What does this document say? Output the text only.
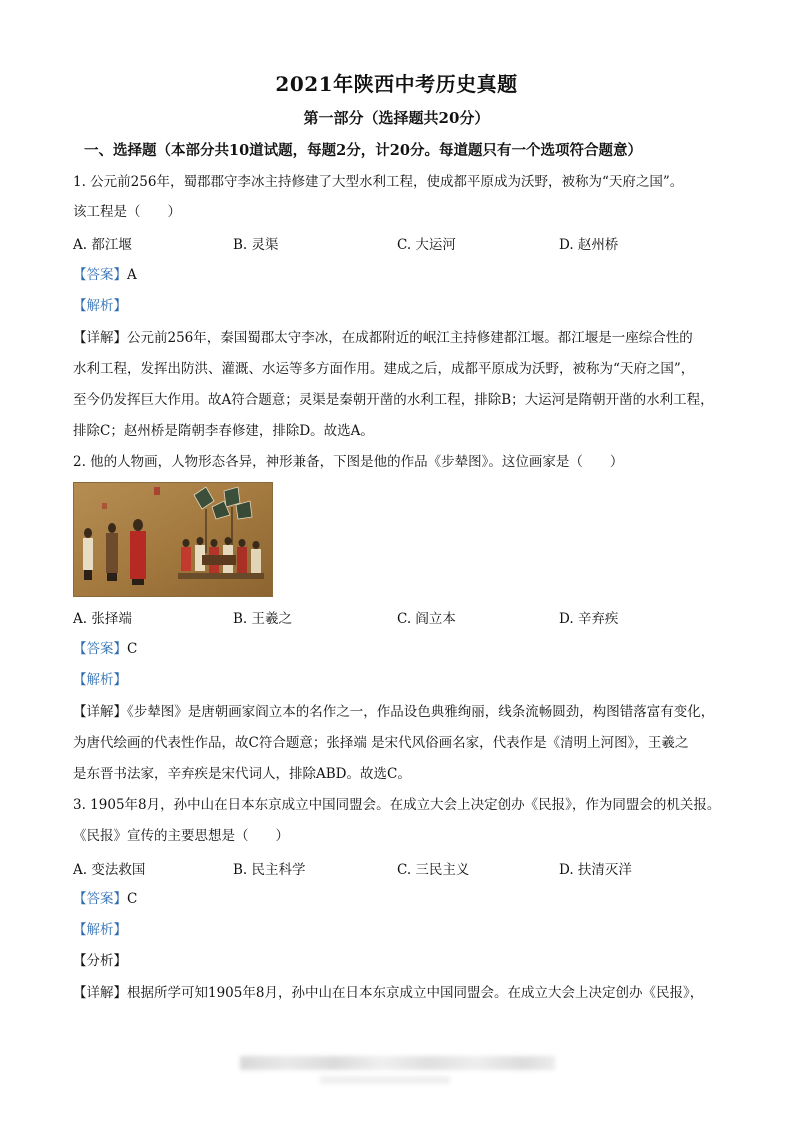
2021年陕西中考历史真题
第一部分（选择题共20分）
一、选择题（本部分共10道试题，每题2分，计20分。每道题只有一个选项符合题意）
1. 公元前256年，蜀郡郡守李冰主持修建了大型水利工程，使成都平原成为沃野，被称为“天府之国”。
该工程是（　　）
A. 都江堰	B. 灵渠	C. 大运河	D. 赵州桥
【答案】A
【解析】
【详解】公元前256年，秦国蜀郡太守李冰，在成都附近的岷江主持修建都江堰。都江堰是一座综合性的
水利工程，发挥出防洪、灌溉、水运等多方面作用。建成之后，成都平原成为沃野，被称为“天府之国”，
至今仍发挥巨大作用。故A符合题意；灵渠是秦朝开凿的水利工程，排除B；大运河是隋朝开凿的水利工程，
排除C；赵州桥是隋朝李春修建，排除D。故选A。
2. 他的人物画，人物形态各异，神形兼备，下图是他的作品《步辇图》。这位画家是（　　）
A. 张择端	B. 王羲之	C. 阎立本	D. 辛弃疾
【答案】C
【解析】
【详解】《步辇图》是唐朝画家阎立本的名作之一，作品设色典雅绚丽，线条流畅圆劲，构图错落富有变化，
为唐代绘画的代表性作品，故C符合题意；张择端 是宋代风俗画名家，代表作是《清明上河图》，王羲之
是东晋书法家，辛弃疾是宋代词人，排除ABD。故选C。
3. 1905年8月，孙中山在日本东京成立中国同盟会。在成立大会上决定创办《民报》，作为同盟会的机关报。
《民报》宣传的主要思想是（　　）
A. 变法救国	B. 民主科学	C. 三民主义	D. 扶清灭洋
【答案】C
【解析】
【分析】
【详解】根据所学可知1905年8月，孙中山在日本东京成立中国同盟会。在成立大会上决定创办《民报》，
